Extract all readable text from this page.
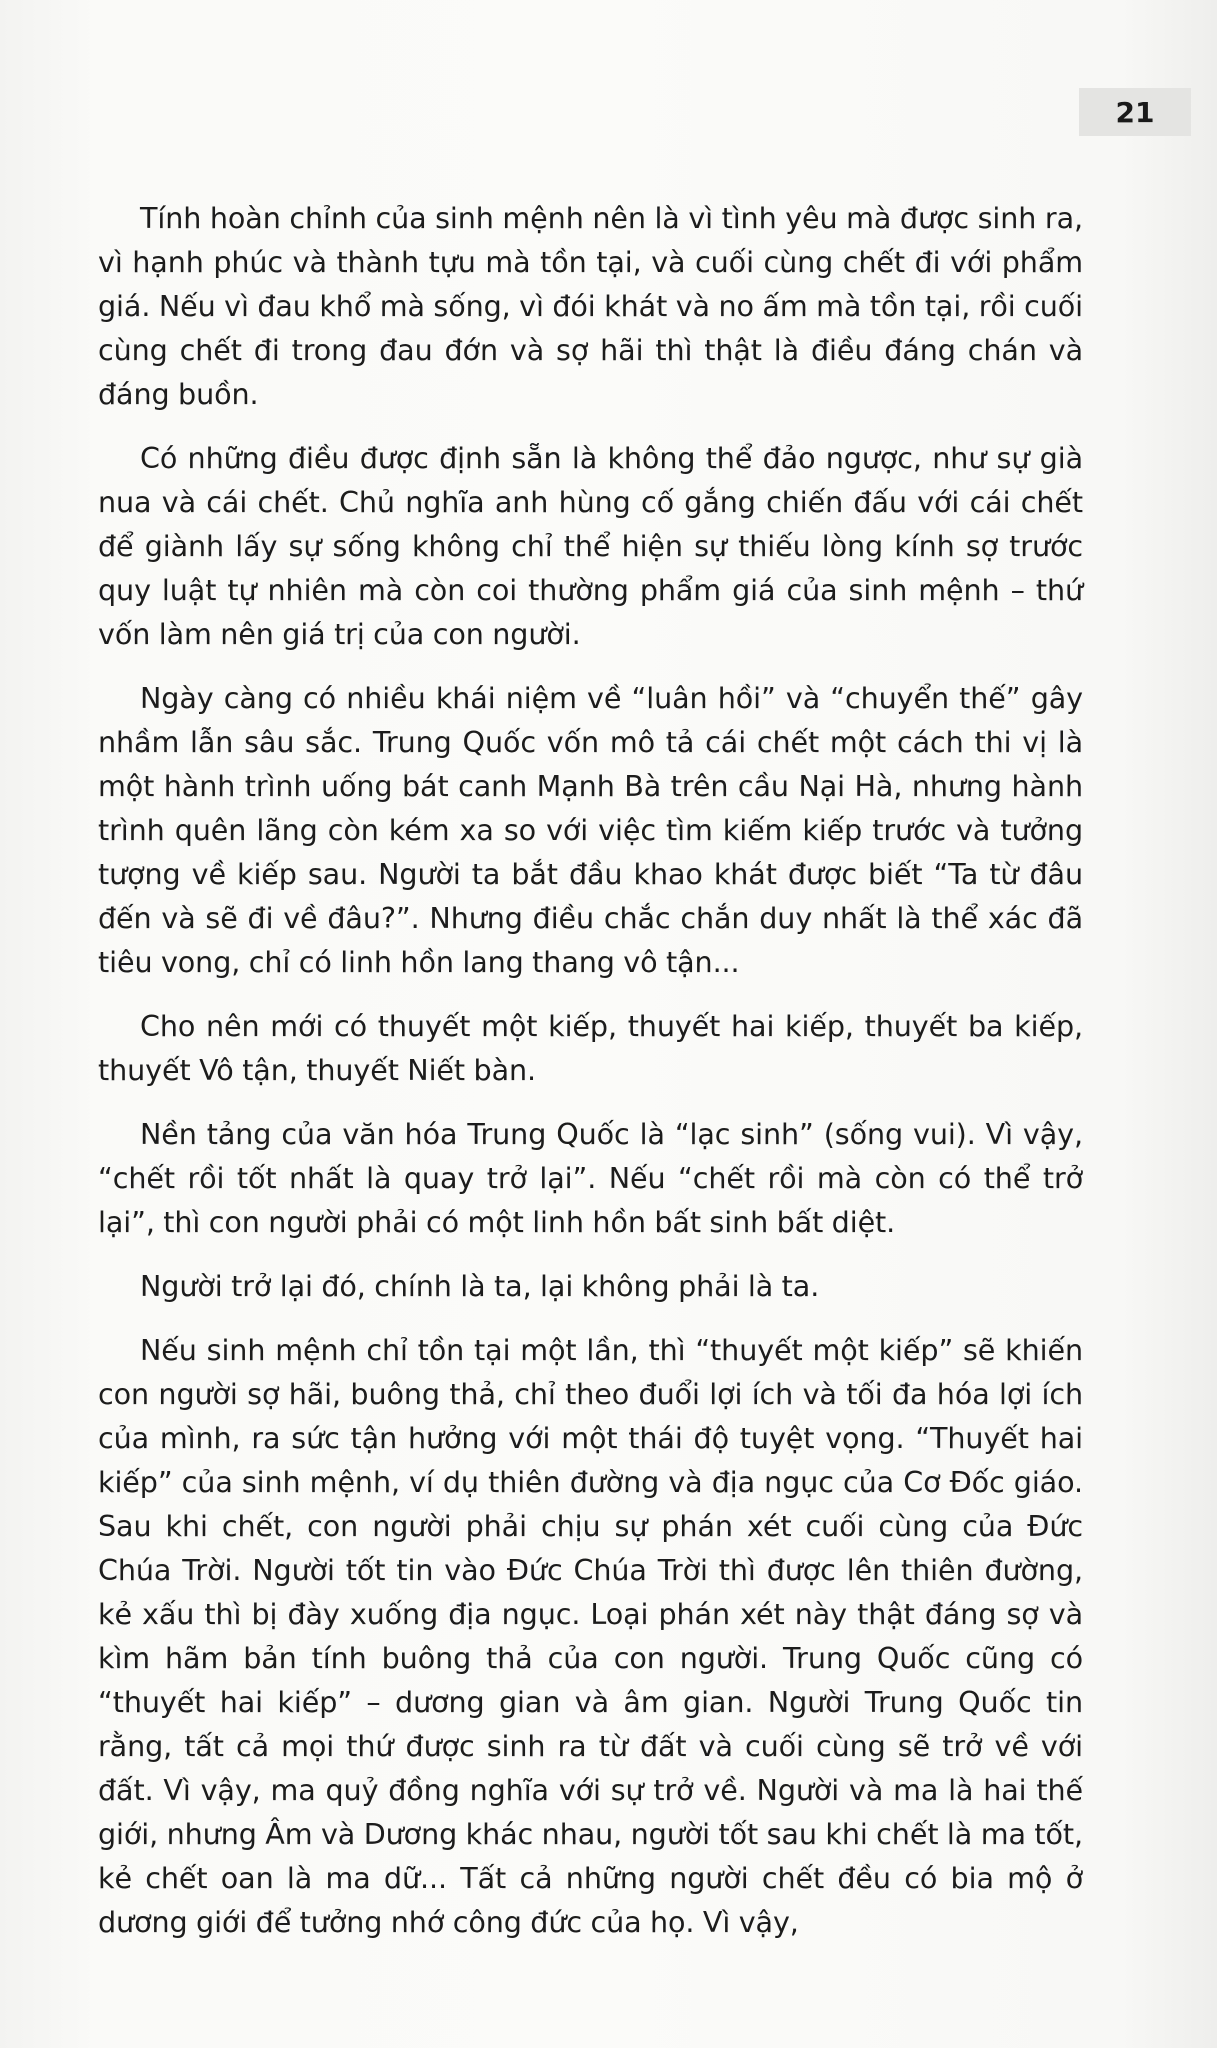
21

Tính hoàn chỉnh của sinh mệnh nên là vì tình yêu mà được sinh ra, vì hạnh phúc và thành tựu mà tồn tại, và cuối cùng chết đi với phẩm giá. Nếu vì đau khổ mà sống, vì đói khát và no ấm mà tồn tại, rồi cuối cùng chết đi trong đau đớn và sợ hãi thì thật là điều đáng chán và đáng buồn.

Có những điều được định sẵn là không thể đảo ngược, như sự già nua và cái chết. Chủ nghĩa anh hùng cố gắng chiến đấu với cái chết để giành lấy sự sống không chỉ thể hiện sự thiếu lòng kính sợ trước quy luật tự nhiên mà còn coi thường phẩm giá của sinh mệnh – thứ vốn làm nên giá trị của con người.

Ngày càng có nhiều khái niệm về “luân hồi” và “chuyển thế” gây nhầm lẫn sâu sắc. Trung Quốc vốn mô tả cái chết một cách thi vị là một hành trình uống bát canh Mạnh Bà trên cầu Nại Hà, nhưng hành trình quên lãng còn kém xa so với việc tìm kiếm kiếp trước và tưởng tượng về kiếp sau. Người ta bắt đầu khao khát được biết “Ta từ đâu đến và sẽ đi về đâu?”. Nhưng điều chắc chắn duy nhất là thể xác đã tiêu vong, chỉ có linh hồn lang thang vô tận...

Cho nên mới có thuyết một kiếp, thuyết hai kiếp, thuyết ba kiếp, thuyết Vô tận, thuyết Niết bàn.

Nền tảng của văn hóa Trung Quốc là “lạc sinh” (sống vui). Vì vậy, “chết rồi tốt nhất là quay trở lại”. Nếu “chết rồi mà còn có thể trở lại”, thì con người phải có một linh hồn bất sinh bất diệt.

Người trở lại đó, chính là ta, lại không phải là ta.

Nếu sinh mệnh chỉ tồn tại một lần, thì “thuyết một kiếp” sẽ khiến con người sợ hãi, buông thả, chỉ theo đuổi lợi ích và tối đa hóa lợi ích của mình, ra sức tận hưởng với một thái độ tuyệt vọng. “Thuyết hai kiếp” của sinh mệnh, ví dụ thiên đường và địa ngục của Cơ Đốc giáo. Sau khi chết, con người phải chịu sự phán xét cuối cùng của Đức Chúa Trời. Người tốt tin vào Đức Chúa Trời thì được lên thiên đường, kẻ xấu thì bị đày xuống địa ngục. Loại phán xét này thật đáng sợ và kìm hãm bản tính buông thả của con người. Trung Quốc cũng có “thuyết hai kiếp” – dương gian và âm gian. Người Trung Quốc tin rằng, tất cả mọi thứ được sinh ra từ đất và cuối cùng sẽ trở về với đất. Vì vậy, ma quỷ đồng nghĩa với sự trở về. Người và ma là hai thế giới, nhưng Âm và Dương khác nhau, người tốt sau khi chết là ma tốt, kẻ chết oan là ma dữ... Tất cả những người chết đều có bia mộ ở dương giới để tưởng nhớ công đức của họ. Vì vậy,
